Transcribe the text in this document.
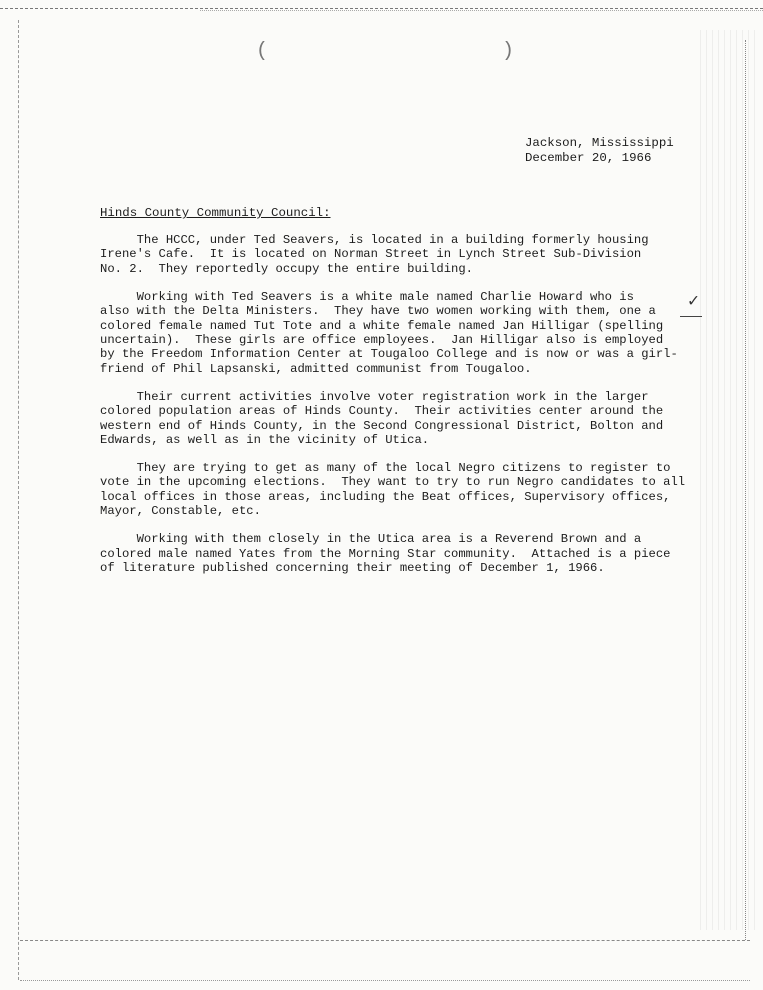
(	)
Jackson, Mississippi
December 20, 1966
Hinds County Community Council:
The HCCC, under Ted Seavers, is located in a building formerly housing
Irene's Cafe.  It is located on Norman Street in Lynch Street Sub-Division
No. 2.  They reportedly occupy the entire building.
Working with Ted Seavers is a white male named Charlie Howard who is
also with the Delta Ministers.  They have two women working with them, one a
colored female named Tut Tote and a white female named Jan Hilligar (spelling
uncertain).  These girls are office employees.  Jan Hilligar also is employed
by the Freedom Information Center at Tougaloo College and is now or was a girl-
friend of Phil Lapsanski, admitted communist from Tougaloo.
Their current activities involve voter registration work in the larger
colored population areas of Hinds County.  Their activities center around the
western end of Hinds County, in the Second Congressional District, Bolton and
Edwards, as well as in the vicinity of Utica.
They are trying to get as many of the local Negro citizens to register to
vote in the upcoming elections.  They want to try to run Negro candidates to all
local offices in those areas, including the Beat offices, Supervisory offices,
Mayor, Constable, etc.
Working with them closely in the Utica area is a Reverend Brown and a
colored male named Yates from the Morning Star community.  Attached is a piece
of literature published concerning their meeting of December 1, 1966.
✓
